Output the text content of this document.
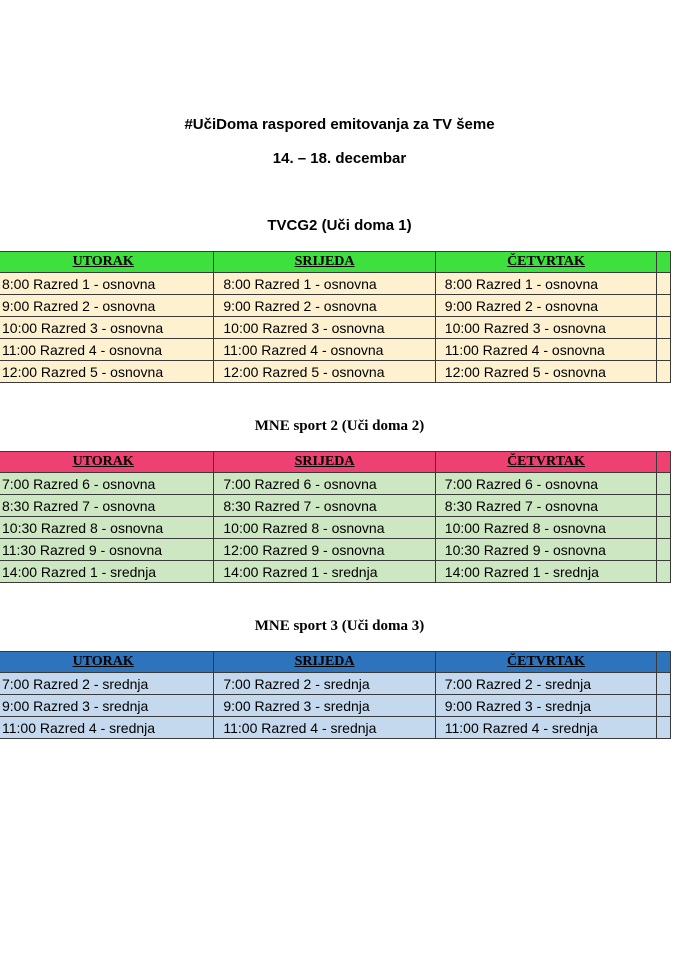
#UčiDoma raspored emitovanja za TV šeme
14. – 18. decembar
TVCG2 (Uči doma 1)
UTORAK	SRIJEDA	ČETVRTAK	
8:00 Razred 1 - osnovna	8:00 Razred 1 - osnovna	8:00 Razred 1 - osnovna	
9:00 Razred 2 - osnovna	9:00 Razred 2 - osnovna	9:00 Razred 2 - osnovna	
10:00 Razred 3 - osnovna	10:00 Razred 3 - osnovna	10:00 Razred 3 - osnovna	
11:00 Razred 4 - osnovna	11:00 Razred 4 - osnovna	11:00 Razred 4 - osnovna	
12:00 Razred 5 - osnovna	12:00 Razred 5 - osnovna	12:00 Razred 5 - osnovna	
MNE sport 2 (Uči doma 2)
UTORAK	SRIJEDA	ČETVRTAK	
7:00 Razred 6 - osnovna	7:00 Razred 6 - osnovna	7:00 Razred 6 - osnovna	
8:30 Razred 7 - osnovna	8:30 Razred 7 - osnovna	8:30 Razred 7 - osnovna	
10:30 Razred 8 - osnovna	10:00 Razred 8 - osnovna	10:00 Razred 8 - osnovna	
11:30 Razred 9 - osnovna	12:00 Razred 9 - osnovna	10:30 Razred 9 - osnovna	
14:00 Razred 1 - srednja	14:00 Razred 1 - srednja	14:00 Razred 1 - srednja	
MNE sport 3 (Uči doma 3)
UTORAK	SRIJEDA	ČETVRTAK	
7:00 Razred 2 - srednja	7:00 Razred 2 - srednja	7:00 Razred 2 - srednja	
9:00 Razred 3 - srednja	9:00 Razred 3 - srednja	9:00 Razred 3 - srednja	
11:00 Razred 4 - srednja	11:00 Razred 4 - srednja	11:00 Razred 4 - srednja	
